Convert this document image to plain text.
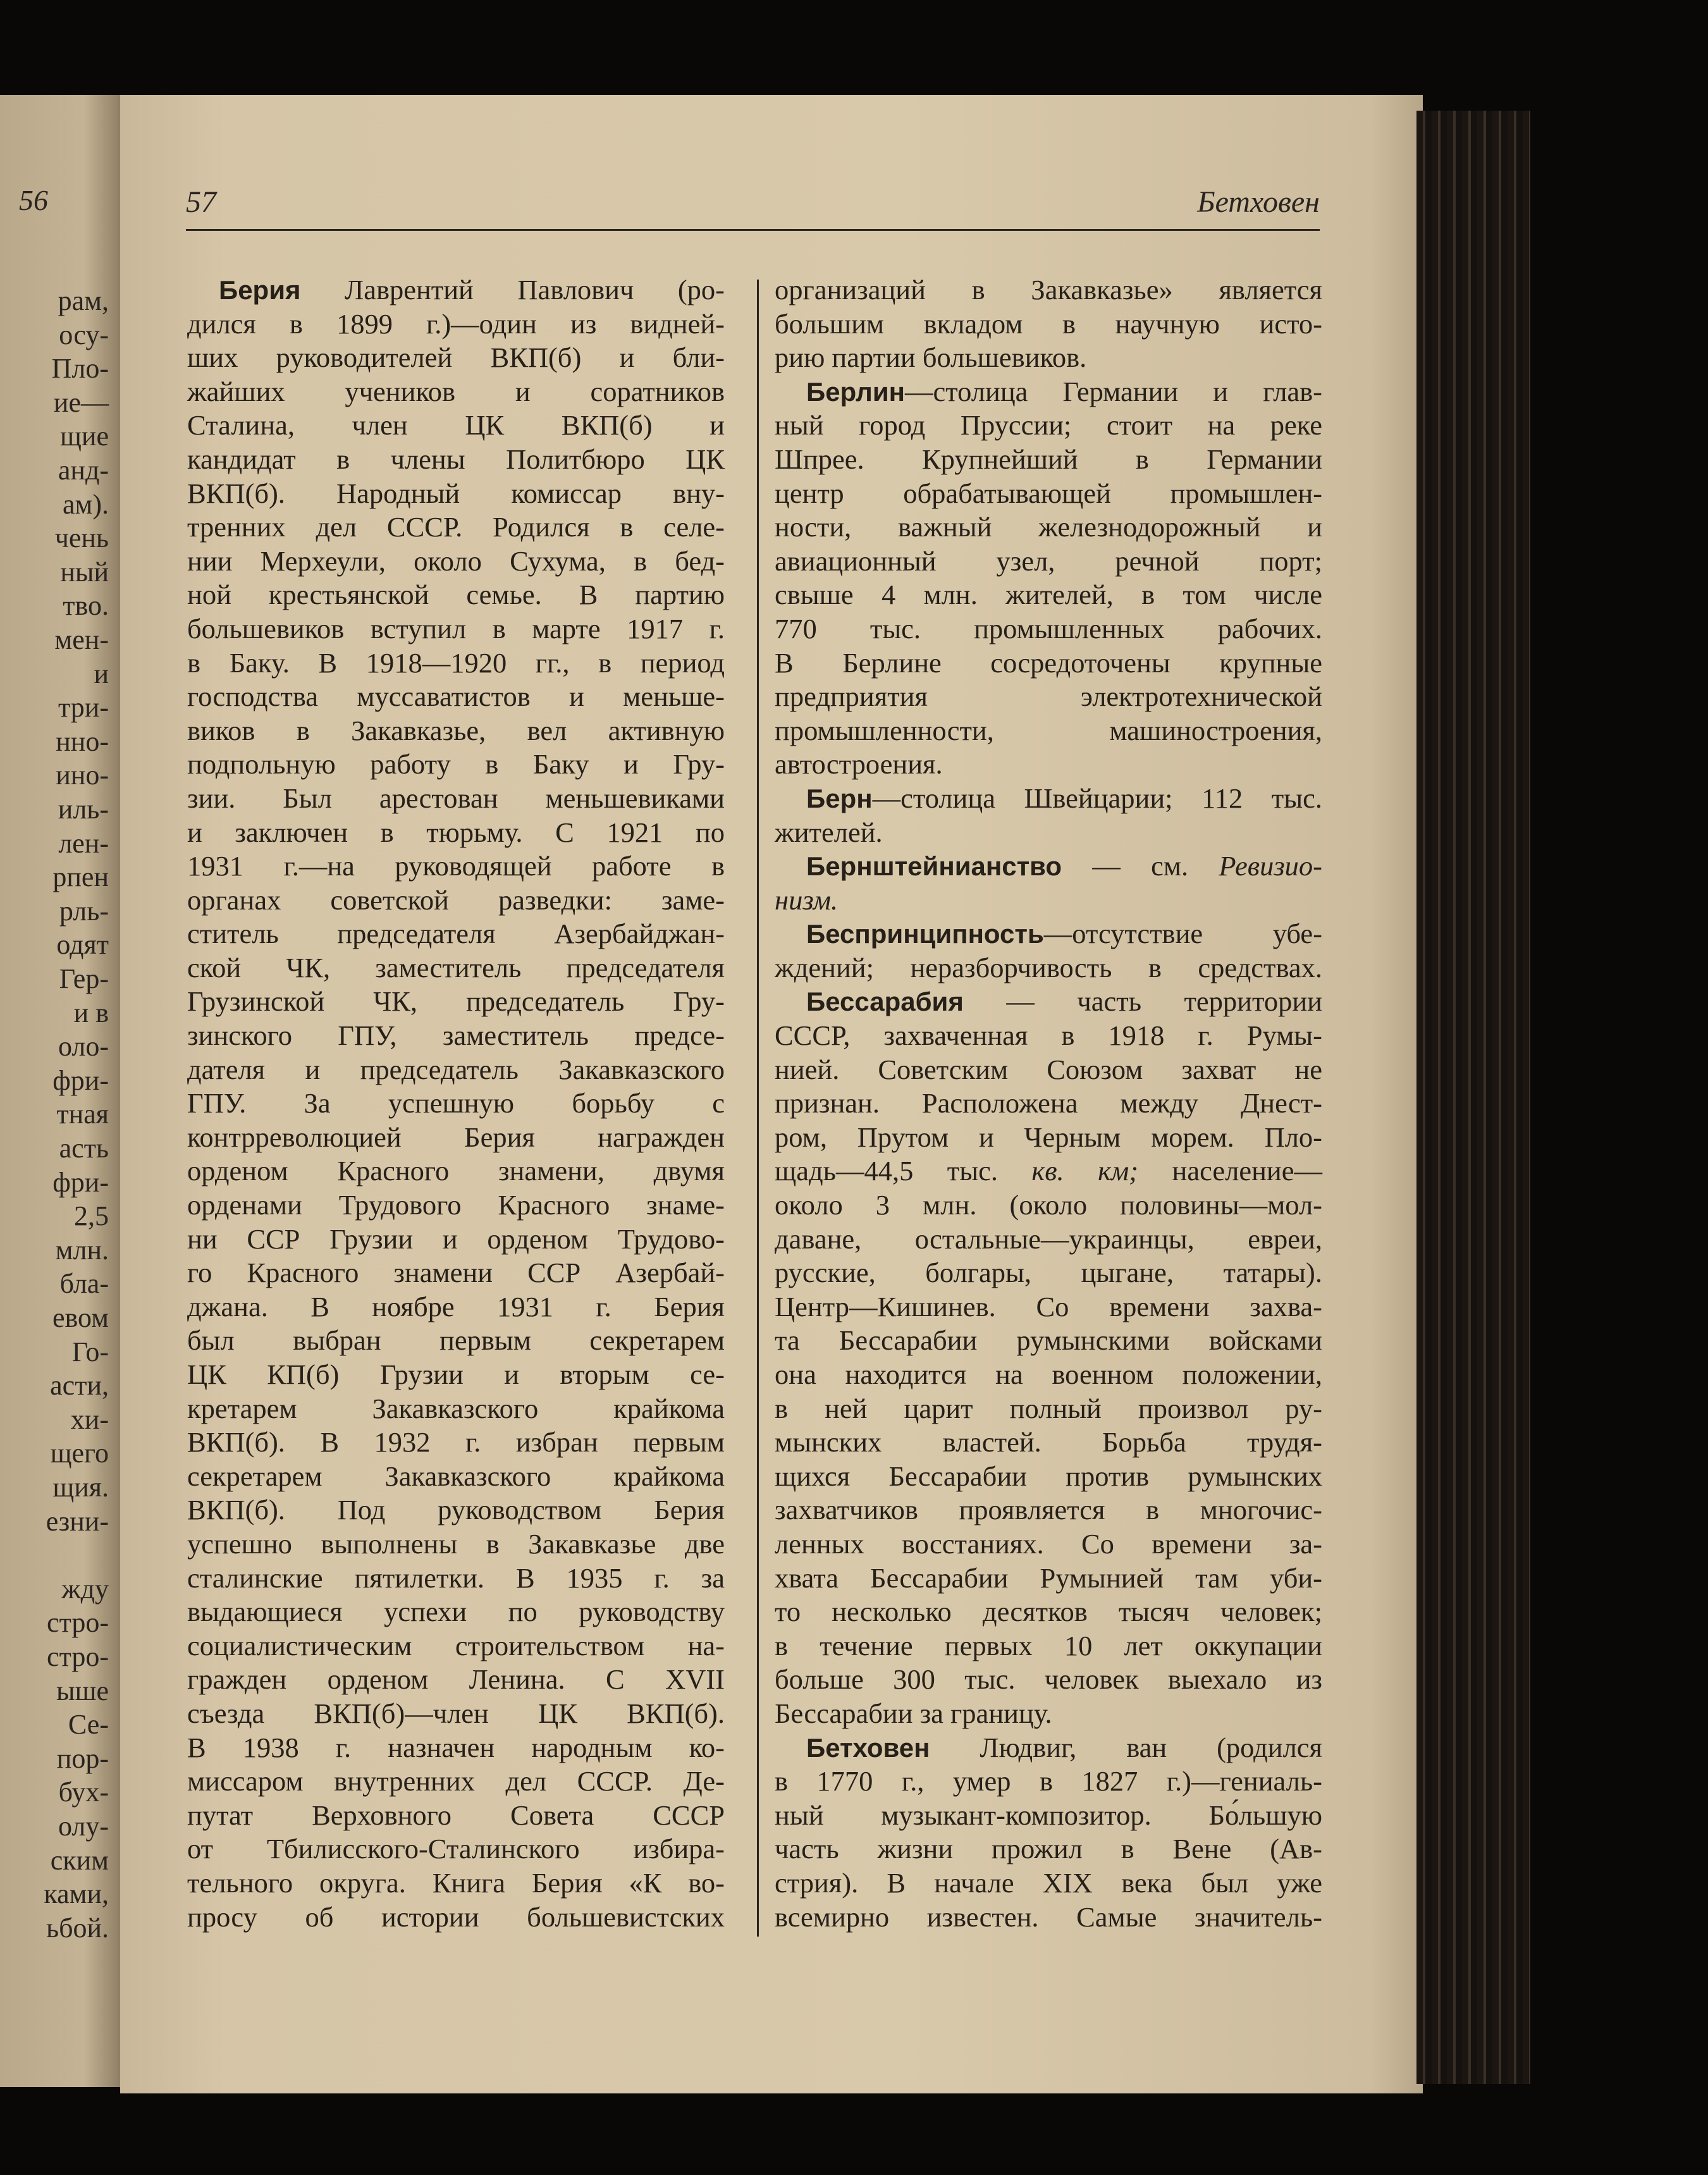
56
рам,
осу-
Пло-
ие—
щие
анд-
ам).
чень
ный
тво.
мен-
и
три-
нно-
ино-
иль-
лен-
рпен
рль-
одят
Гер-
и в
оло-
фри-
тная
асть
фри-
2,5
млн.
бла-
евом
Го-
асти,
хи-
щего
щия.
езни-
жду
стро-
стро-
ыше
Се-
пор-
бух-
олу-
ским
ками,
ьбой.
57	Бетховен
Берия Лаврентий Павлович (ро-
дился в 1899 г.)—один из видней-
ших руководителей ВКП(б) и бли-
жайших учеников и соратников
Сталина, член ЦК ВКП(б) и
кандидат в члены Политбюро ЦК
ВКП(б). Народный комиссар вну-
тренних дел СССР. Родился в селе-
нии Мерхеули, около Сухума, в бед-
ной крестьянской семье. В партию
большевиков вступил в марте 1917 г.
в Баку. В 1918—1920 гг., в период
господства муссаватистов и меньше-
виков в Закавказье, вел активную
подпольную работу в Баку и Гру-
зии. Был арестован меньшевиками
и заключен в тюрьму. С 1921 по
1931 г.—на руководящей работе в
органах советской разведки: заме-
ститель председателя Азербайджан-
ской ЧК, заместитель председателя
Грузинской ЧК, председатель Гру-
зинского ГПУ, заместитель предсе-
дателя и председатель Закавказского
ГПУ. За успешную борьбу с
контрреволюцией Берия награжден
орденом Красного знамени, двумя
орденами Трудового Красного знаме-
ни ССР Грузии и орденом Трудово-
го Красного знамени ССР Азербай-
джана. В ноябре 1931 г. Берия
был выбран первым секретарем
ЦК КП(б) Грузии и вторым се-
кретарем Закавказского крайкома
ВКП(б). В 1932 г. избран первым
секретарем Закавказского крайкома
ВКП(б). Под руководством Берия
успешно выполнены в Закавказье две
сталинские пятилетки. В 1935 г. за
выдающиеся успехи по руководству
социалистическим строительством на-
гражден орденом Ленина. С XVII
съезда ВКП(б)—член ЦК ВКП(б).
В 1938 г. назначен народным ко-
миссаром внутренних дел СССР. Де-
путат Верховного Совета СССР
от Тбилисского-Сталинского избира-
тельного округа. Книга Берия «К во-
просу об истории большевистских
организаций в Закавказье» является
большим вкладом в научную исто-
рию партии большевиков.
Берлин—столица Германии и глав-
ный город Пруссии; стоит на реке
Шпрее. Крупнейший в Германии
центр обрабатывающей промышлен-
ности, важный железнодорожный и
авиационный узел, речной порт;
свыше 4 млн. жителей, в том числе
770 тыс. промышленных рабочих.
В Берлине сосредоточены крупные
предприятия электротехнической
промышленности, машиностроения,
автостроения.
Берн—столица Швейцарии; 112 тыс.
жителей.
Бернштейнианство — см. Ревизио-
низм.
Беспринципность—отсутствие убе-
ждений; неразборчивость в средствах.
Бессарабия — часть территории
СССР, захваченная в 1918 г. Румы-
нией. Советским Союзом захват не
признан. Расположена между Днест-
ром, Прутом и Черным морем. Пло-
щадь—44,5 тыс. кв. км; население—
около 3 млн. (около половины—мол-
даване, остальные—украинцы, евреи,
русские, болгары, цыгане, татары).
Центр—Кишинев. Со времени захва-
та Бессарабии румынскими войсками
она находится на военном положении,
в ней царит полный произвол ру-
мынских властей. Борьба трудя-
щихся Бессарабии против румынских
захватчиков проявляется в многочис-
ленных восстаниях. Со времени за-
хвата Бессарабии Румынией там уби-
то несколько десятков тысяч человек;
в течение первых 10 лет оккупации
больше 300 тыс. человек выехало из
Бессарабии за границу.
Бетховен Людвиг, ван (родился
в 1770 г., умер в 1827 г.)—гениаль-
ный музыкант-композитор. Бо́льшую
часть жизни прожил в Вене (Ав-
стрия). В начале XIX века был уже
всемирно известен. Самые значитель-
